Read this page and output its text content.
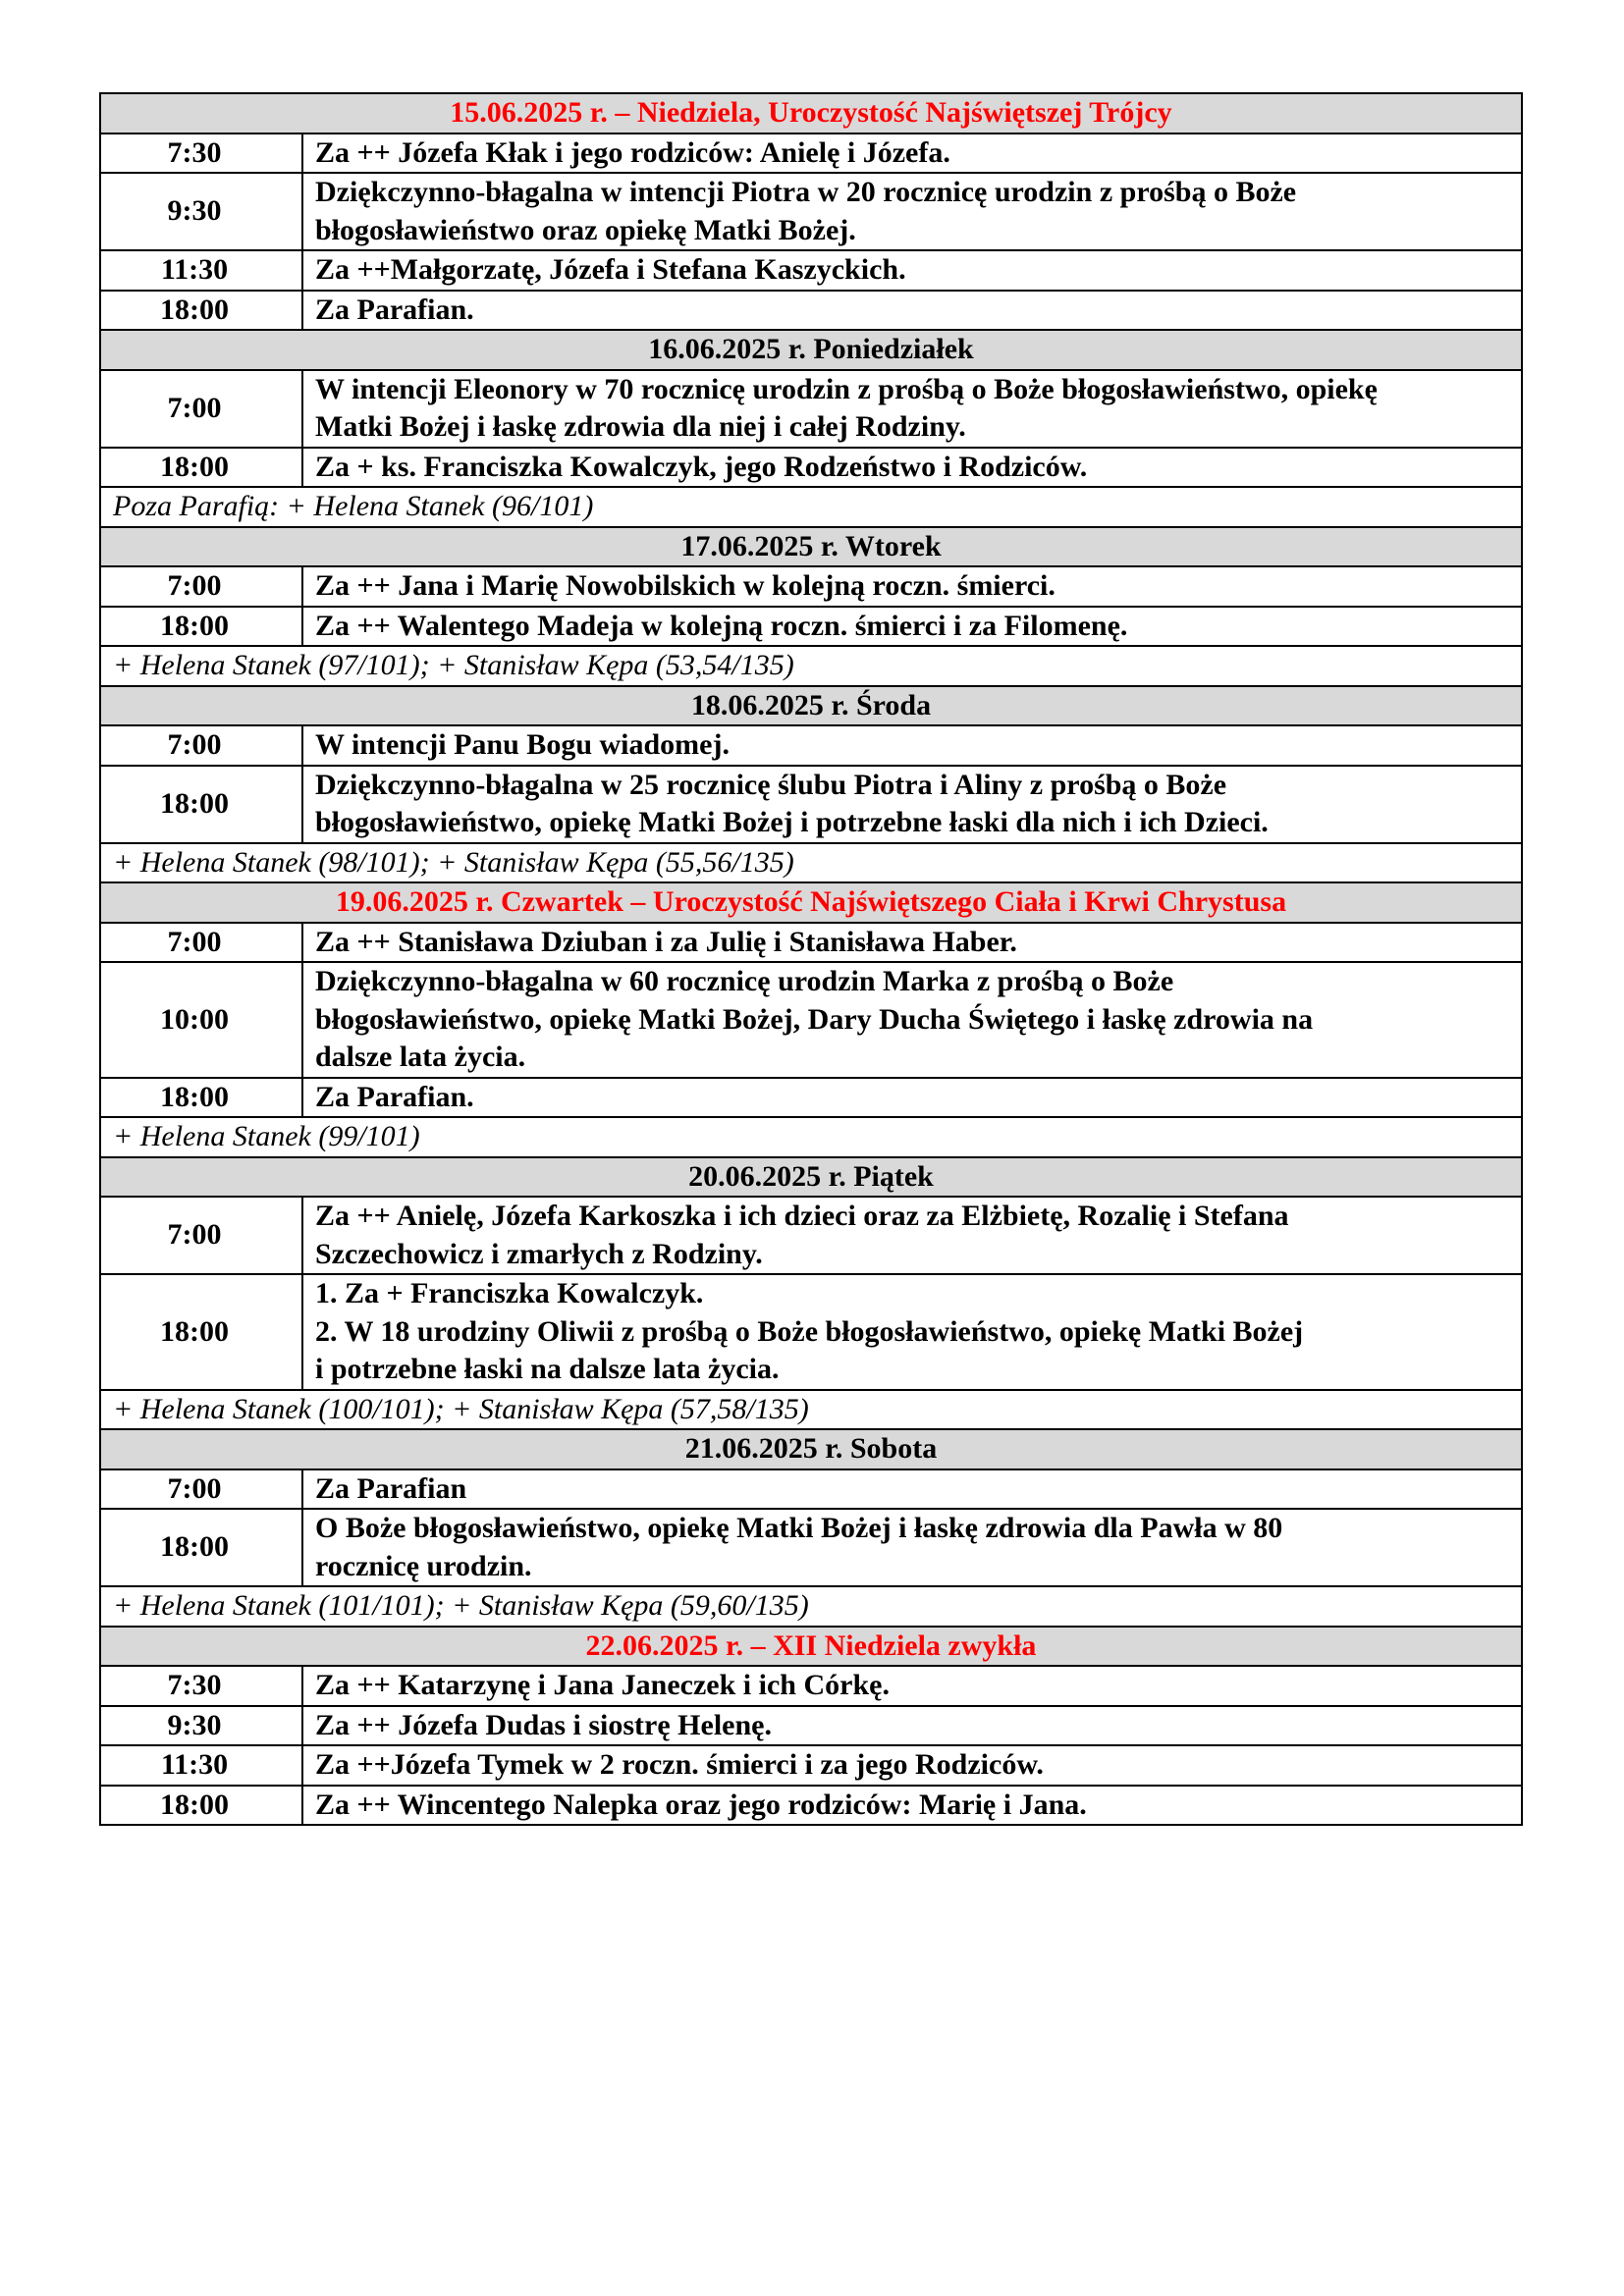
15.06.2025 r. – Niedziela, Uroczystość Najświętszej Trójcy	
7:30	Za ++ Józefa Kłak i jego rodziców: Anielę i Józefa.

9:30	Dziękczynno-błagalna w intencji Piotra w 20 rocznicę urodzin z prośbą o Boże
błogosławieństwo oraz opiekę Matki Bożej.

11:30	Za ++Małgorzatę, Józefa i Stefana Kaszyckich.

18:00	Za Parafian.

16.06.2025 r. Poniedziałek	
7:00	W intencji Eleonory w 70 rocznicę urodzin z prośbą o Boże błogosławieństwo, opiekę
Matki Bożej i łaskę zdrowia dla niej i całej Rodziny.

18:00	Za + ks. Franciszka Kowalczyk, jego Rodzeństwo i Rodziców.

Poza Parafią: + Helena Stanek (96/101)	
17.06.2025 r. Wtorek	
7:00	Za ++ Jana i Marię Nowobilskich w kolejną roczn. śmierci.

18:00	Za ++ Walentego Madeja w kolejną roczn. śmierci i za Filomenę.

+ Helena Stanek (97/101); + Stanisław Kępa (53,54/135)	
18.06.2025 r. Środa	
7:00	W intencji Panu Bogu wiadomej.

18:00	Dziękczynno-błagalna w 25 rocznicę ślubu Piotra i Aliny z prośbą o Boże
błogosławieństwo, opiekę Matki Bożej i potrzebne łaski dla nich i ich Dzieci.

+ Helena Stanek (98/101); + Stanisław Kępa (55,56/135)	
19.06.2025 r. Czwartek – Uroczystość Najświętszego Ciała i Krwi Chrystusa	
7:00	Za ++ Stanisława Dziuban i za Julię i Stanisława Haber.

10:00	Dziękczynno-błagalna w 60 rocznicę urodzin Marka z prośbą o Boże
błogosławieństwo, opiekę Matki Bożej, Dary Ducha Świętego i łaskę zdrowia na
dalsze lata życia.

18:00	Za Parafian.

+ Helena Stanek (99/101)	
20.06.2025 r. Piątek	
7:00	Za ++ Anielę, Józefa Karkoszka i ich dzieci oraz za Elżbietę, Rozalię i Stefana
Szczechowicz i zmarłych z Rodziny.

18:00	1. Za + Franciszka Kowalczyk.
2. W 18 urodziny Oliwii z prośbą o Boże błogosławieństwo, opiekę Matki Bożej
i potrzebne łaski na dalsze lata życia.

+ Helena Stanek (100/101); + Stanisław Kępa (57,58/135)	
21.06.2025 r. Sobota	
7:00	Za Parafian

18:00	O Boże błogosławieństwo, opiekę Matki Bożej i łaskę zdrowia dla Pawła w 80
rocznicę urodzin.

+ Helena Stanek (101/101); + Stanisław Kępa (59,60/135)	
22.06.2025 r. – XII Niedziela zwykła	
7:30	Za ++ Katarzynę i Jana Janeczek i ich Córkę.

9:30	Za ++ Józefa Dudas i siostrę Helenę.

11:30	Za ++Józefa Tymek w 2 roczn. śmierci i za jego Rodziców.

18:00	Za ++ Wincentego Nalepka oraz jego rodziców: Marię i Jana.
